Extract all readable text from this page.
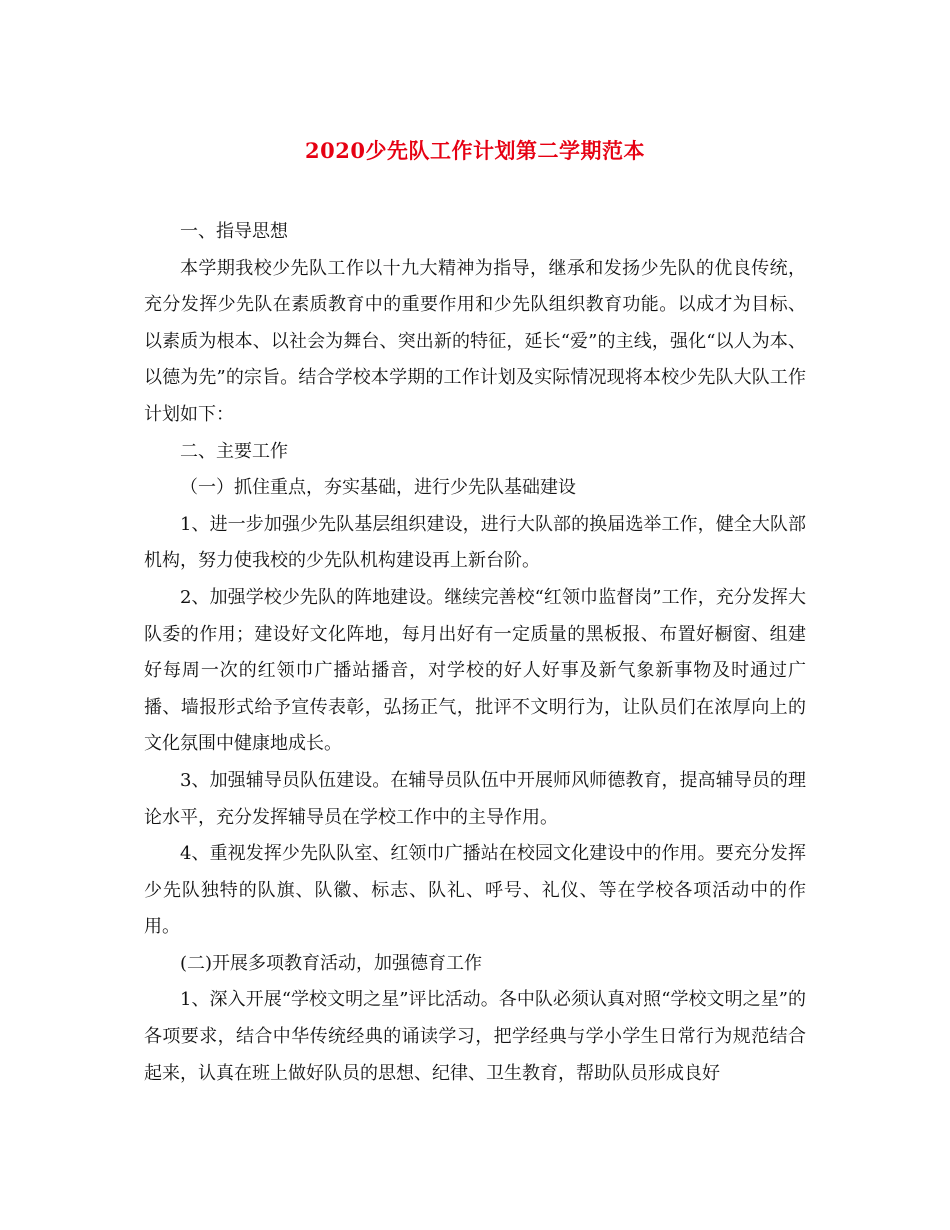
2020少先队工作计划第二学期范本

一、指导思想

本学期我校少先队工作以十九大精神为指导，继承和发扬少先队的优良传统，充分发挥少先队在素质教育中的重要作用和少先队组织教育功能。以成才为目标、以素质为根本、以社会为舞台、突出新的特征，延长“爱”的主线，强化“以人为本、以德为先”的宗旨。结合学校本学期的工作计划及实际情况现将本校少先队大队工作计划如下：

二、主要工作

（一）抓住重点，夯实基础，进行少先队基础建设

1、进一步加强少先队基层组织建设，进行大队部的换届选举工作，健全大队部机构，努力使我校的少先队机构建设再上新台阶。

2、加强学校少先队的阵地建设。继续完善校“红领巾监督岗”工作，充分发挥大队委的作用；建设好文化阵地，每月出好有一定质量的黑板报、布置好橱窗、组建好每周一次的红领巾广播站播音，对学校的好人好事及新气象新事物及时通过广播、墙报形式给予宣传表彰，弘扬正气，批评不文明行为，让队员们在浓厚向上的文化氛围中健康地成长。

3、加强辅导员队伍建设。在辅导员队伍中开展师风师德教育，提高辅导员的理论水平，充分发挥辅导员在学校工作中的主导作用。

4、重视发挥少先队队室、红领巾广播站在校园文化建设中的作用。要充分发挥少先队独特的队旗、队徽、标志、队礼、呼号、礼仪、等在学校各项活动中的作用。

(二)开展多项教育活动，加强德育工作

1、深入开展“学校文明之星”评比活动。各中队必须认真对照“学校文明之星”的各项要求，结合中华传统经典的诵读学习，把学经典与学小学生日常行为规范结合起来，认真在班上做好队员的思想、纪律、卫生教育，帮助队员形成良好
